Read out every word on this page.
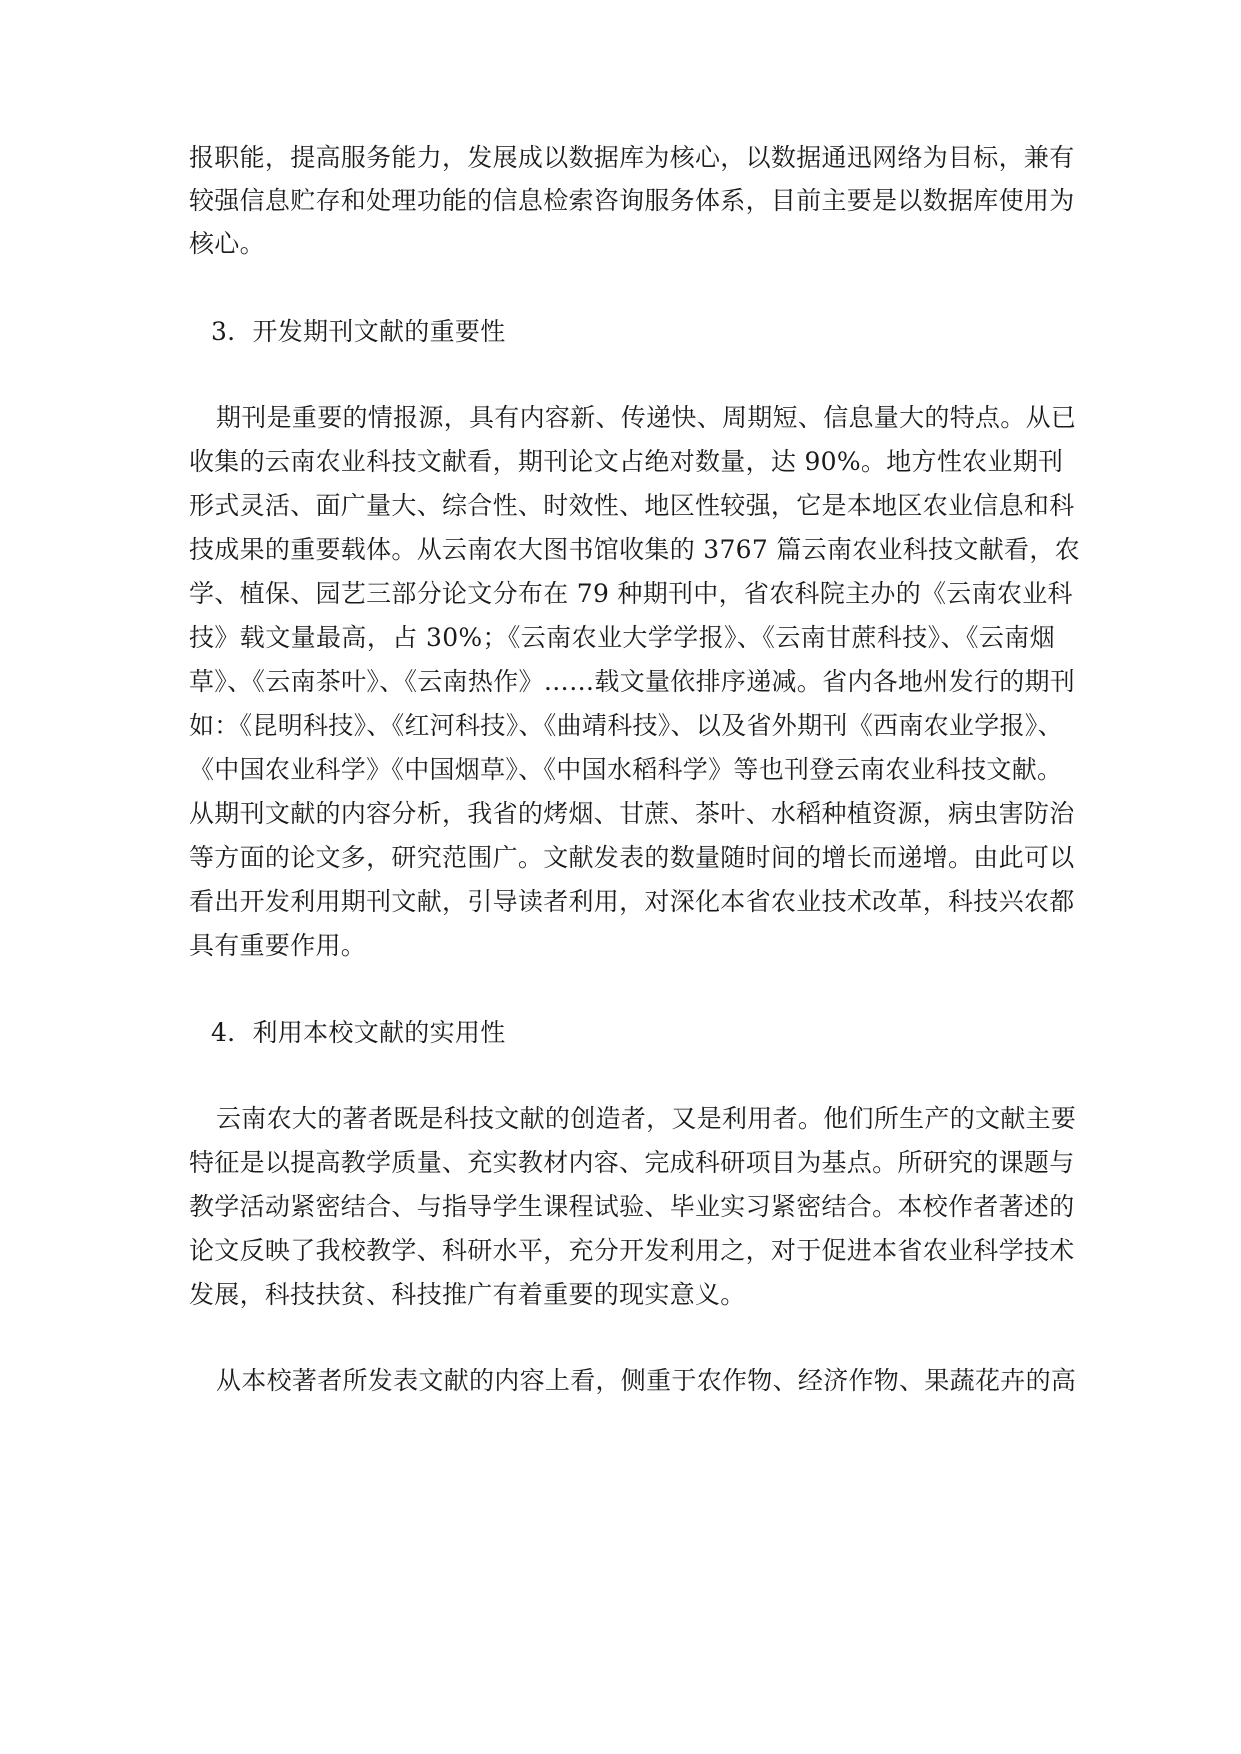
报职能，提高服务能力，发展成以数据库为核心，以数据通迅网络为目标，兼有
较强信息贮存和处理功能的信息检索咨询服务体系，目前主要是以数据库使用为
核心。
3．开发期刊文献的重要性
期刊是重要的情报源，具有内容新、传递快、周期短、信息量大的特点。从已
收集的云南农业科技文献看，期刊论文占绝对数量，达 90%。地方性农业期刊
形式灵活、面广量大、综合性、时效性、地区性较强，它是本地区农业信息和科
技成果的重要载体。从云南农大图书馆收集的 3767 篇云南农业科技文献看，农
学、植保、园艺三部分论文分布在 79 种期刊中，省农科院主办的《云南农业科
技》载文量最高，占 30%；《云南农业大学学报》、《云南甘蔗科技》、《云南烟
草》、《云南茶叶》、《云南热作》……载文量依排序递减。省内各地州发行的期刊
如：《昆明科技》、《红河科技》、《曲靖科技》、以及省外期刊《西南农业学报》、
《中国农业科学》《中国烟草》、《中国水稻科学》等也刊登云南农业科技文献。
从期刊文献的内容分析，我省的烤烟、甘蔗、茶叶、水稻种植资源，病虫害防治
等方面的论文多，研究范围广。文献发表的数量随时间的增长而递增。由此可以
看出开发利用期刊文献，引导读者利用，对深化本省农业技术改革，科技兴农都
具有重要作用。
4．利用本校文献的实用性
云南农大的著者既是科技文献的创造者，又是利用者。他们所生产的文献主要
特征是以提高教学质量、充实教材内容、完成科研项目为基点。所研究的课题与
教学活动紧密结合、与指导学生课程试验、毕业实习紧密结合。本校作者著述的
论文反映了我校教学、科研水平，充分开发利用之，对于促进本省农业科学技术
发展，科技扶贫、科技推广有着重要的现实意义。
从本校著者所发表文献的内容上看，侧重于农作物、经济作物、果蔬花卉的高
